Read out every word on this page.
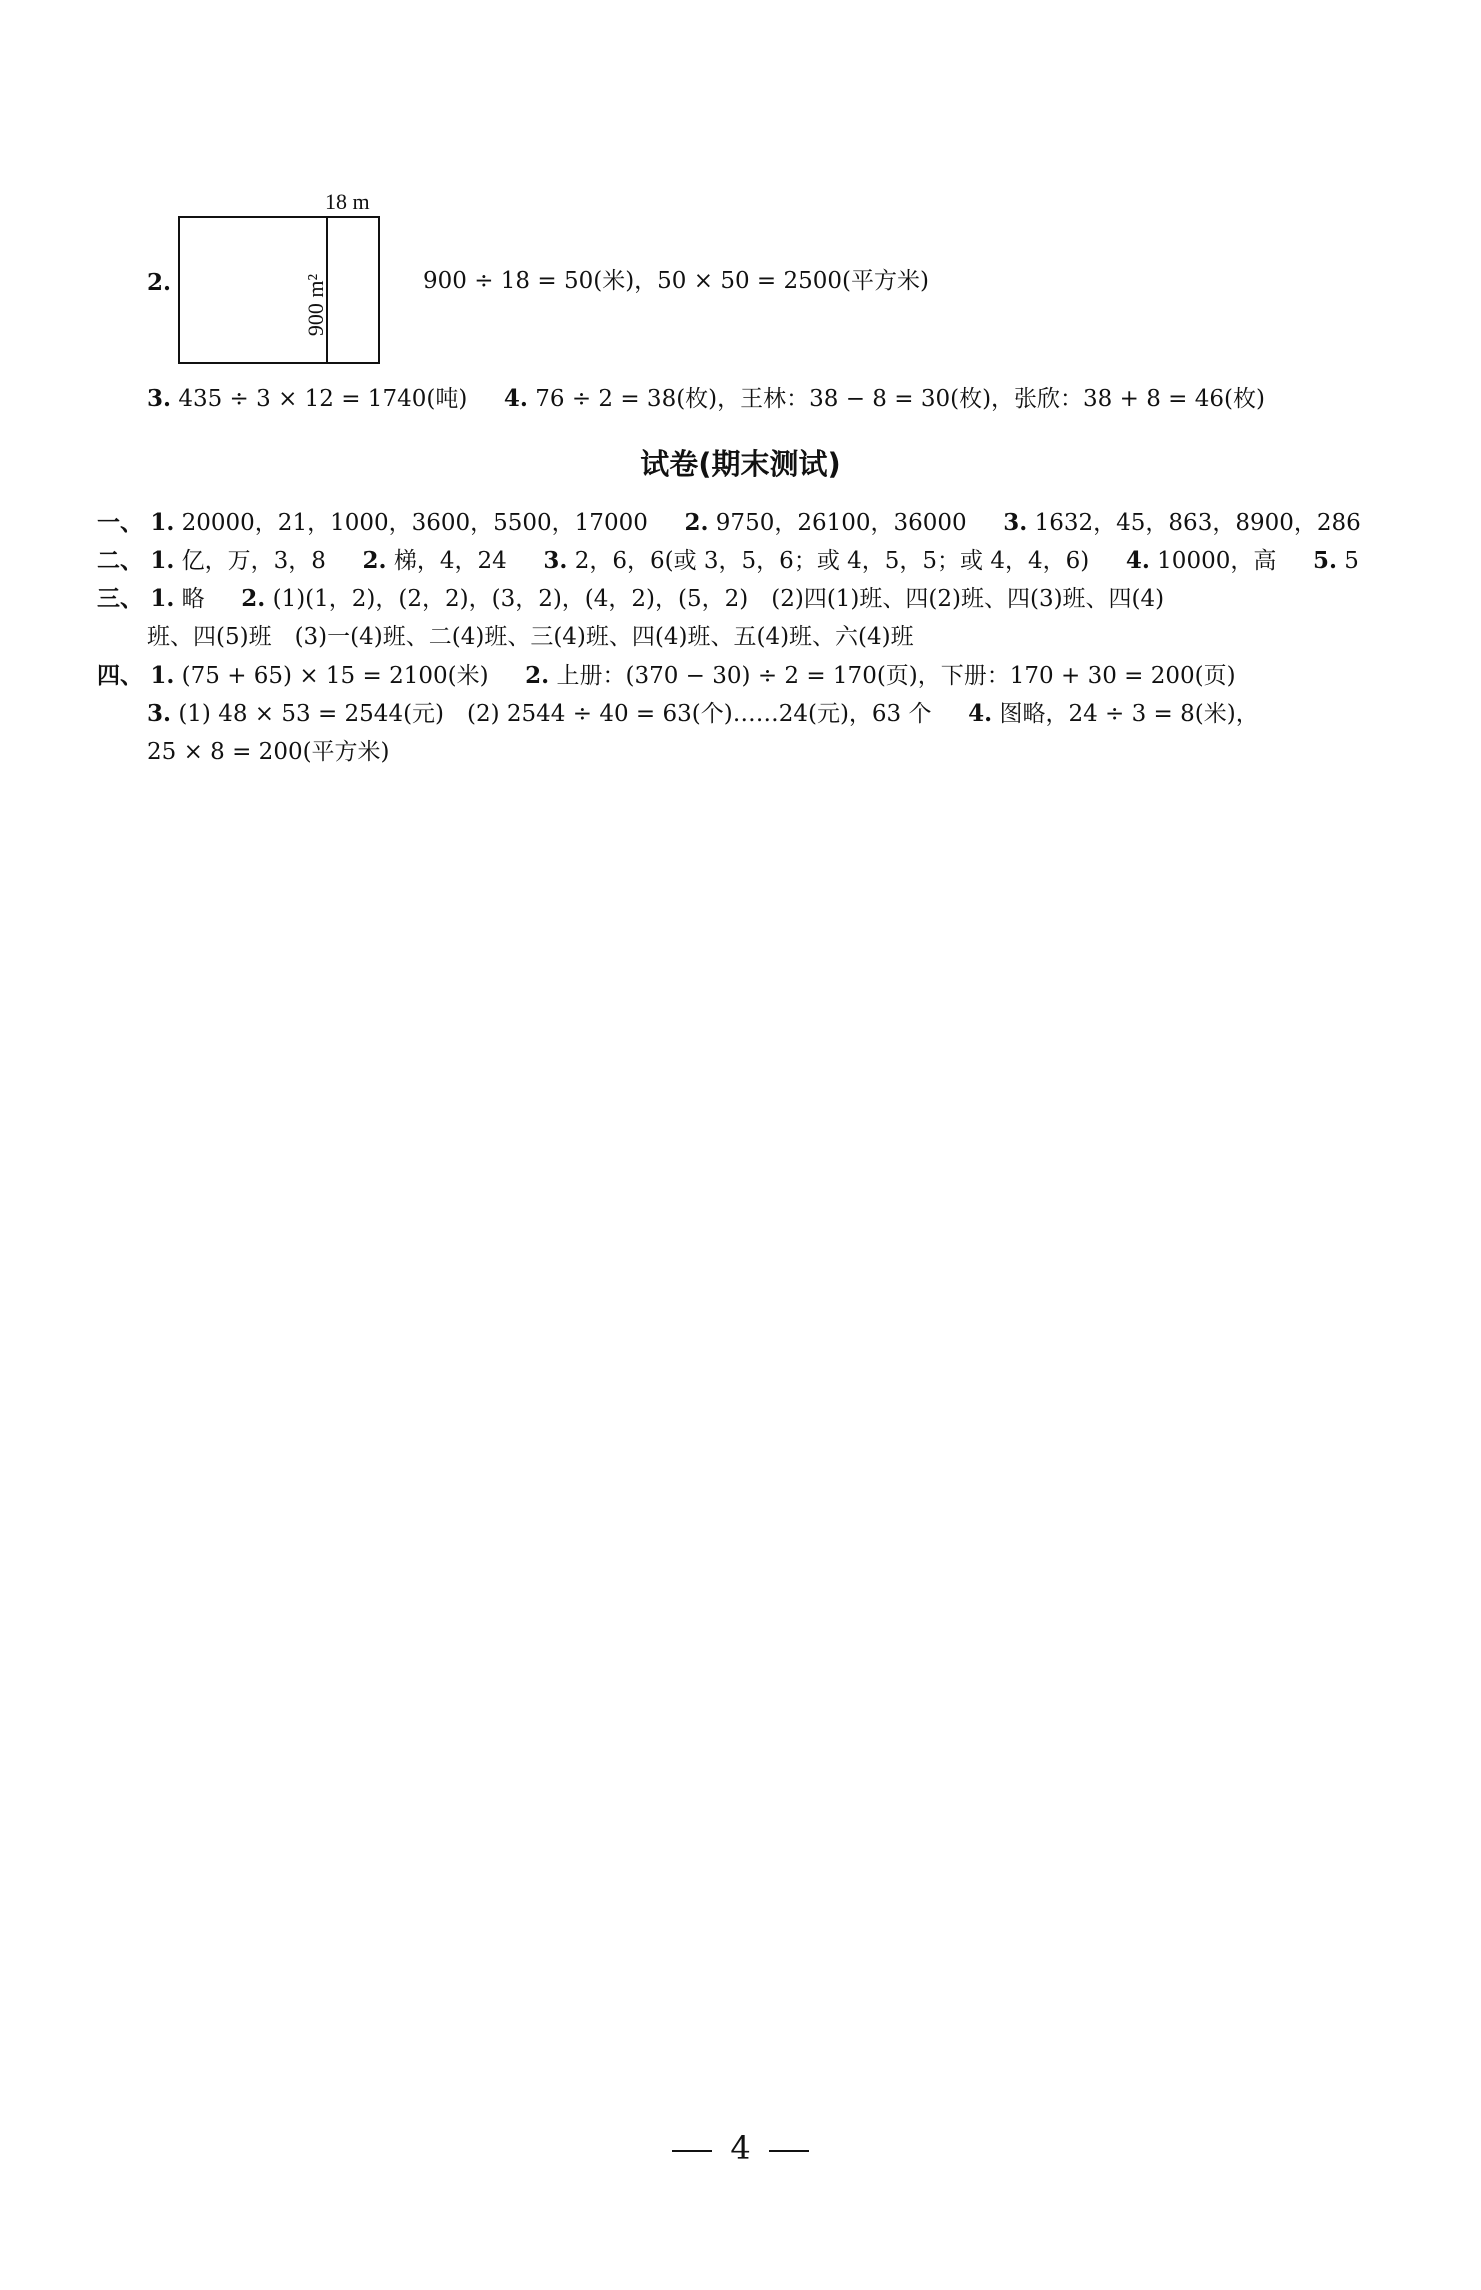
2.
18 m
900 m²	900 ÷ 18 = 50(米)，50 × 50 = 2500(平方米)
3. 435 ÷ 3 × 12 = 1740(吨) 4. 76 ÷ 2 = 38(枚)，王林：38 − 8 = 30(枚)，张欣：38 + 8 = 46(枚)
试卷(期末测试)
一、 1. 20000，21，1000，3600，5500，17000 2. 9750，26100，36000 3. 1632，45，863，8900，286
二、 1. 亿，万，3，8 2. 梯，4，24 3. 2，6，6(或 3，5，6；或 4，5，5；或 4，4，6) 4. 10000，高 5. 5
三、 1. 略 2. (1)(1，2)，(2，2)，(3，2)，(4，2)，(5，2)　(2)四(1)班、四(2)班、四(3)班、四(4)
班、四(5)班　(3)一(4)班、二(4)班、三(4)班、四(4)班、五(4)班、六(4)班
四、 1. (75 + 65) × 15 = 2100(米) 2. 上册：(370 − 30) ÷ 2 = 170(页)，下册：170 + 30 = 200(页)
3. (1) 48 × 53 = 2544(元)　(2) 2544 ÷ 40 = 63(个)……24(元)，63 个 4. 图略，24 ÷ 3 = 8(米)，
25 × 8 = 200(平方米)
4
